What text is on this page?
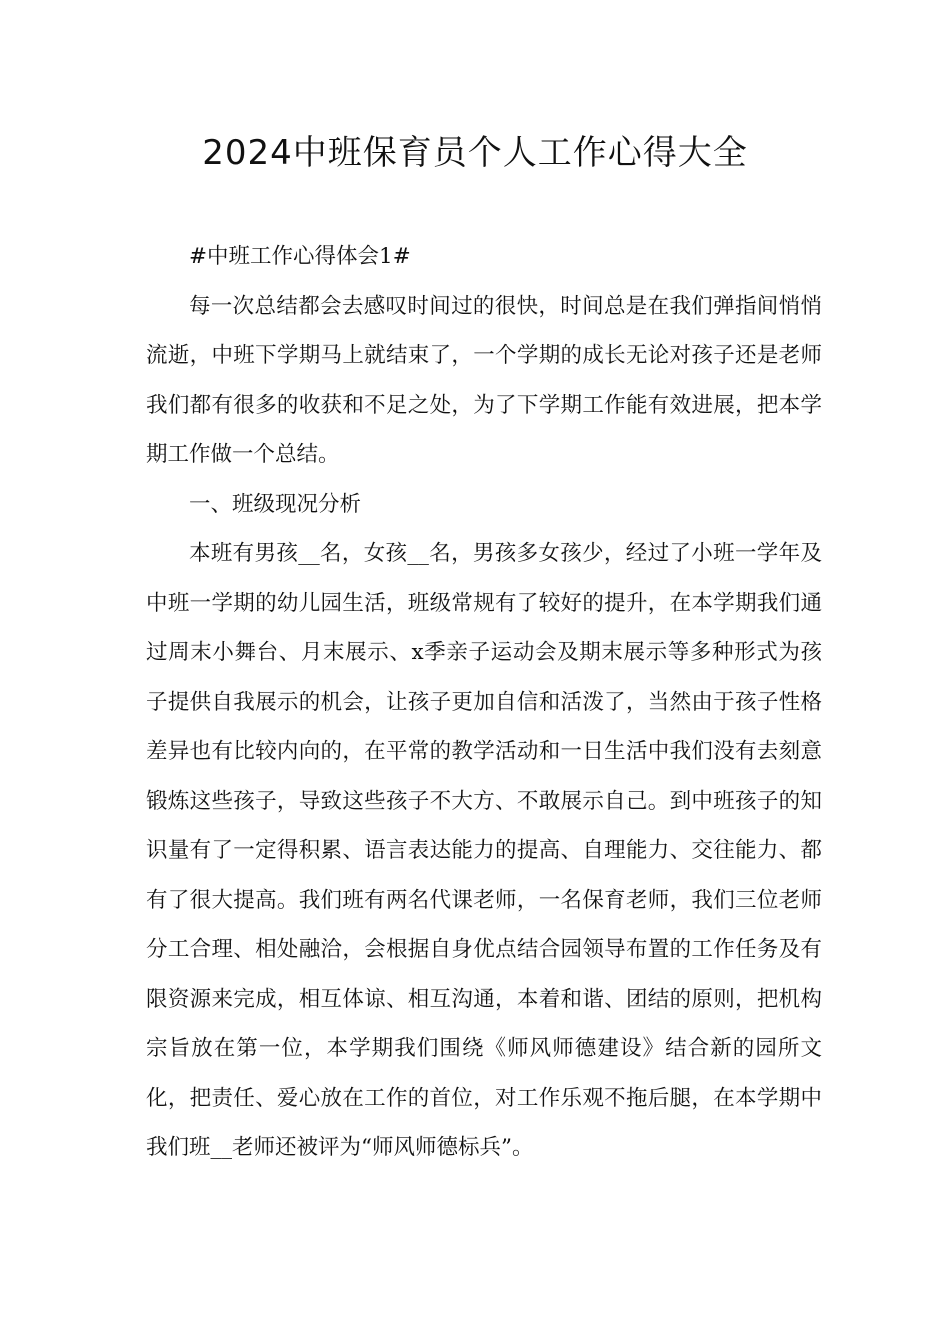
2024中班保育员个人工作心得大全

#中班工作心得体会1#

每一次总结都会去感叹时间过的很快，时间总是在我们弹指间悄悄流逝，中班下学期马上就结束了，一个学期的成长无论对孩子还是老师我们都有很多的收获和不足之处，为了下学期工作能有效进展，把本学期工作做一个总结。

一、班级现况分析

本班有男孩__名，女孩__名，男孩多女孩少，经过了小班一学年及中班一学期的幼儿园生活，班级常规有了较好的提升，在本学期我们通过周末小舞台、月末展示、x季亲子运动会及期末展示等多种形式为孩子提供自我展示的机会，让孩子更加自信和活泼了，当然由于孩子性格差异也有比较内向的，在平常的教学活动和一日生活中我们没有去刻意锻炼这些孩子，导致这些孩子不大方、不敢展示自己。到中班孩子的知识量有了一定得积累、语言表达能力的提高、自理能力、交往能力、都有了很大提高。我们班有两名代课老师，一名保育老师，我们三位老师分工合理、相处融洽，会根据自身优点结合园领导布置的工作任务及有限资源来完成，相互体谅、相互沟通，本着和谐、团结的原则，把机构宗旨放在第一位，本学期我们围绕《师风师德建设》结合新的园所文化，把责任、爱心放在工作的首位，对工作乐观不拖后腿，在本学期中我们班__老师还被评为“师风师德标兵”。
